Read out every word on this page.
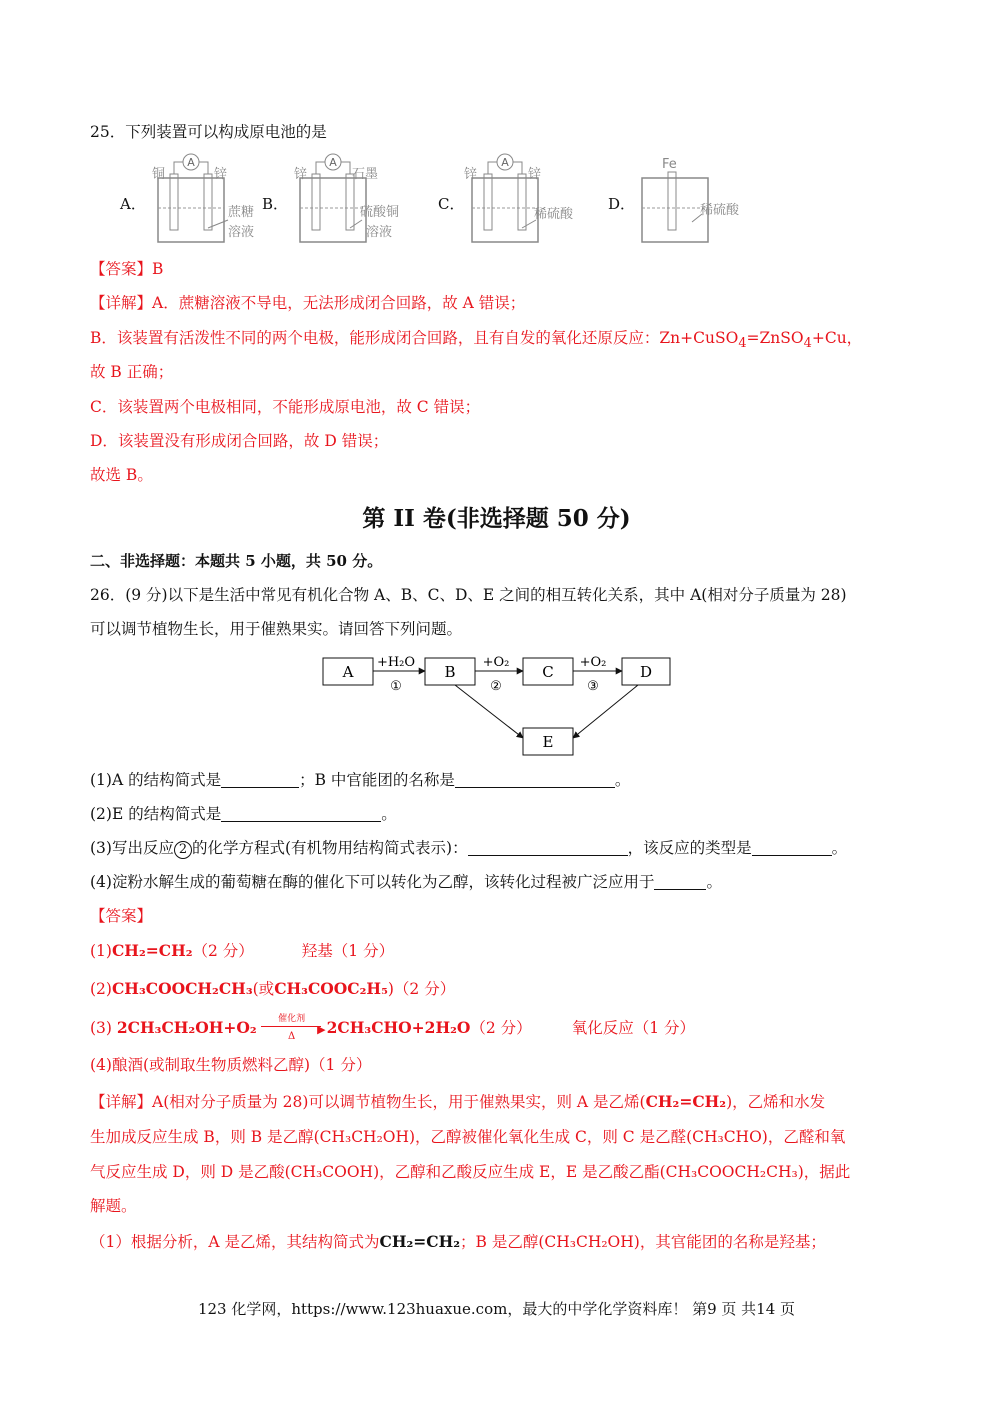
25．下列装置可以构成原电池的是
A．
A
铜	锌
蔗糖
溶液
B．
A
锌	石墨
硫酸铜
溶液
C．
A
锌	锌
稀硫酸
D．
Fe
稀硫酸
【答案】B
【详解】A．蔗糖溶液不导电，无法形成闭合回路，故 A 错误；
B．该装置有活泼性不同的两个电极，能形成闭合回路，且有自发的氧化还原反应：Zn+CuSO$_4$=ZnSO$_4$+Cu，
故 B 正确；
C．该装置两个电极相同，不能形成原电池，故 C 错误；
D．该装置没有形成闭合回路，故 D 错误；
故选 B。
第 II 卷(非选择题 50 分)
二、非选择题：本题共 5 小题，共 50 分。
26．(9 分)以下是生活中常见有机化合物 A、B、C、D、E 之间的相互转化关系，其中 A(相对分子质量为 28)
可以调节植物生长，用于催熟果实。请回答下列问题。
A	B	C	D
E
+H₂O
①
+O₂
②
+O₂
③
(1)A 的结构简式是	；B 中官能团的名称是	。
(2)E 的结构简式是	。
(3)写出反应 2 的化学方程式(有机物用结构简式表示)：	，该反应的类型是	。
(4)淀粉水解生成的葡萄糖在酶的催化下可以转化为乙醇，该转化过程被广泛应用于	。
【答案】
(1)CH₂=CH₂（2 分）	羟基（1 分）
(2)CH₃COOCH₂CH₃(或CH₃COOC₂H₅)（2 分）
(3) 2CH₃CH₂OH+O₂	催化剂
▶
Δ	2CH₃CHO+2H₂O（2 分）	氧化反应（1 分）
(4)酿酒(或制取生物质燃料乙醇)（1 分）
【详解】A(相对分子质量为 28)可以调节植物生长，用于催熟果实，则 A 是乙烯(CH₂=CH₂)，乙烯和水发
生加成反应生成 B，则 B 是乙醇(CH₃CH₂OH)，乙醇被催化氧化生成 C，则 C 是乙醛(CH₃CHO)，乙醛和氧
气反应生成 D，则 D 是乙酸(CH₃COOH)，乙醇和乙酸反应生成 E，E 是乙酸乙酯(CH₃COOCH₂CH₃)，据此
解题。
（1）根据分析，A 是乙烯，其结构简式为CH₂=CH₂；B 是乙醇(CH₃CH₂OH)，其官能团的名称是羟基；
123 化学网，https://www.123huaxue.com，最大的中学化学资料库！ 第9 页 共14 页
